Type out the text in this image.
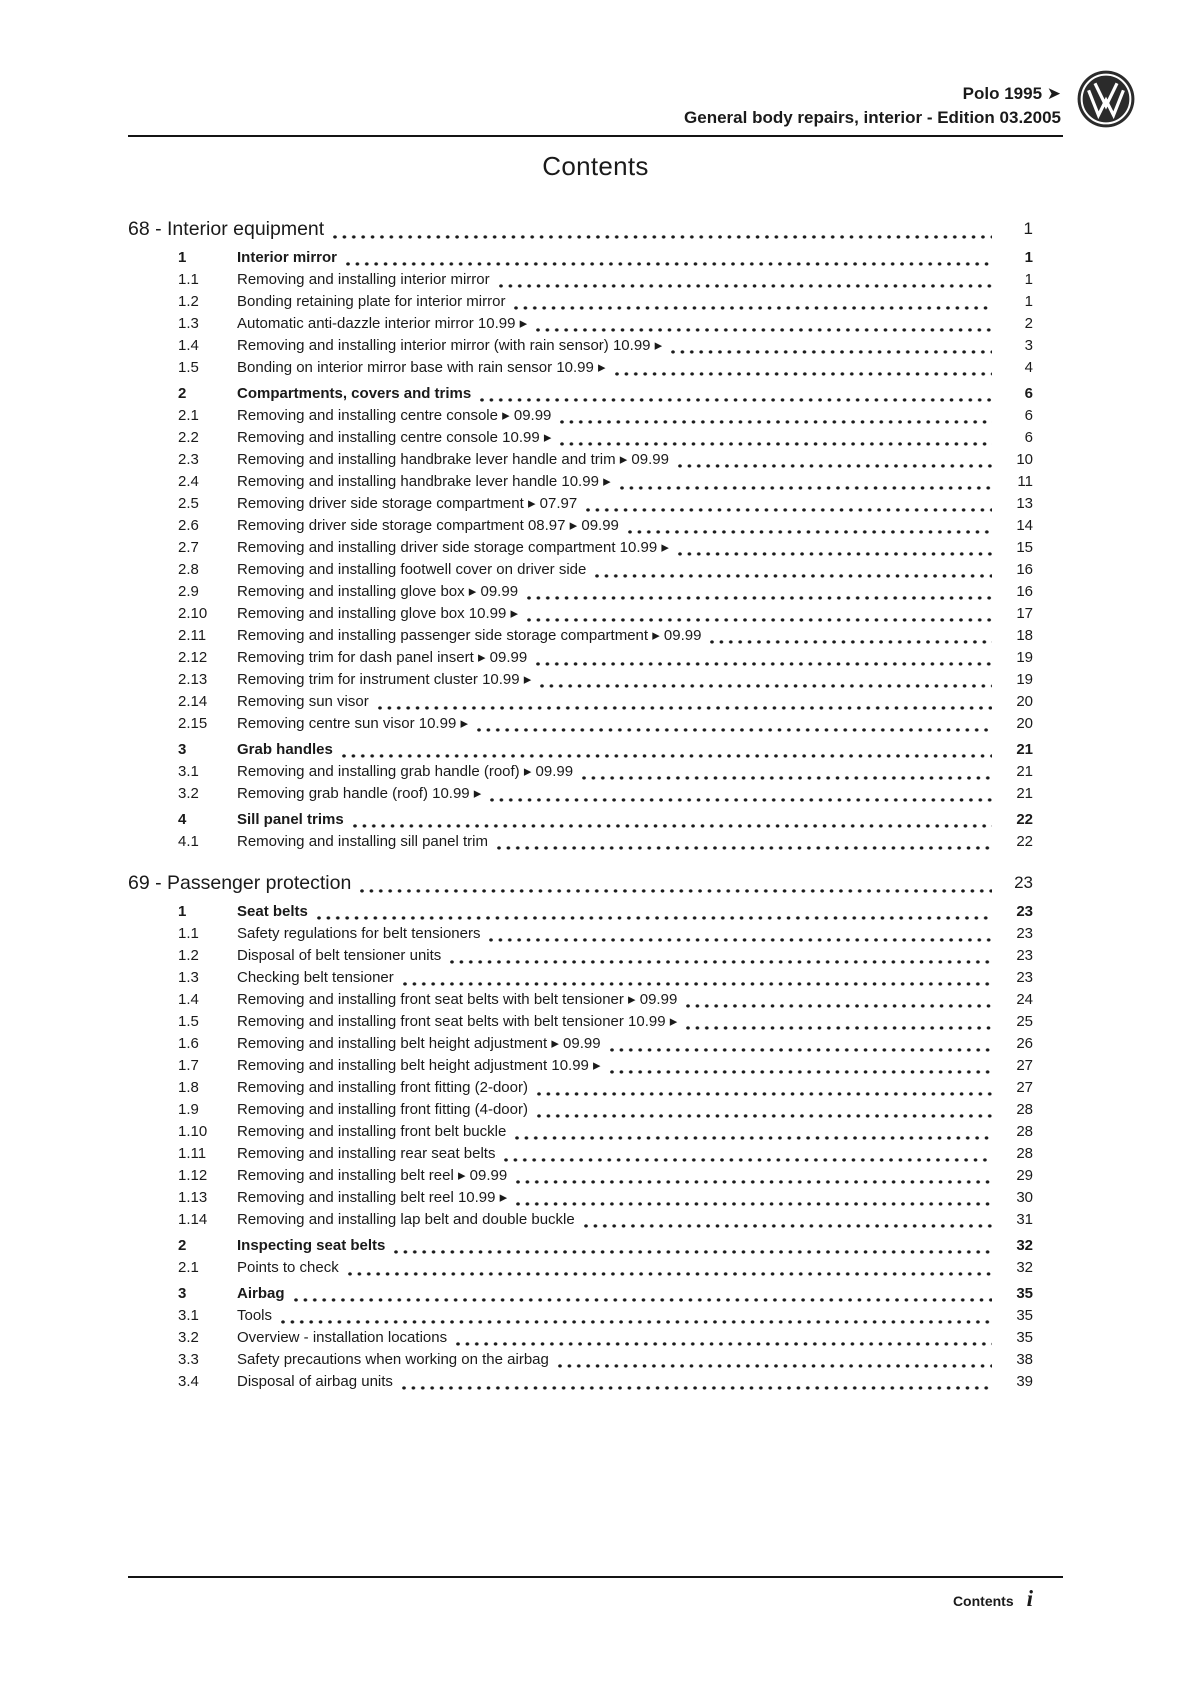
Polo 1995 ➤
General body repairs, interior - Edition 03.2005
Contents
68 - Interior equipment	1
1	Interior mirror	1
1.1	Removing and installing interior mirror	1
1.2	Bonding retaining plate for interior mirror	1
1.3	Automatic anti-dazzle interior mirror 10.99 ▸	2
1.4	Removing and installing interior mirror (with rain sensor) 10.99 ▸	3
1.5	Bonding on interior mirror base with rain sensor 10.99 ▸	4
2	Compartments, covers and trims	6
2.1	Removing and installing centre console ▸ 09.99	6
2.2	Removing and installing centre console 10.99 ▸	6
2.3	Removing and installing handbrake lever handle and trim ▸ 09.99	10
2.4	Removing and installing handbrake lever handle 10.99 ▸	11
2.5	Removing driver side storage compartment ▸ 07.97	13
2.6	Removing driver side storage compartment 08.97 ▸ 09.99	14
2.7	Removing and installing driver side storage compartment 10.99 ▸	15
2.8	Removing and installing footwell cover on driver side	16
2.9	Removing and installing glove box ▸ 09.99	16
2.10	Removing and installing glove box 10.99 ▸	17
2.11	Removing and installing passenger side storage compartment ▸ 09.99	18
2.12	Removing trim for dash panel insert ▸ 09.99	19
2.13	Removing trim for instrument cluster 10.99 ▸	19
2.14	Removing sun visor	20
2.15	Removing centre sun visor 10.99 ▸	20
3	Grab handles	21
3.1	Removing and installing grab handle (roof) ▸ 09.99	21
3.2	Removing grab handle (roof) 10.99 ▸	21
4	Sill panel trims	22
4.1	Removing and installing sill panel trim	22
69 - Passenger protection	23
1	Seat belts	23
1.1	Safety regulations for belt tensioners	23
1.2	Disposal of belt tensioner units	23
1.3	Checking belt tensioner	23
1.4	Removing and installing front seat belts with belt tensioner ▸ 09.99	24
1.5	Removing and installing front seat belts with belt tensioner 10.99 ▸	25
1.6	Removing and installing belt height adjustment ▸ 09.99	26
1.7	Removing and installing belt height adjustment 10.99 ▸	27
1.8	Removing and installing front fitting (2-door)	27
1.9	Removing and installing front fitting (4-door)	28
1.10	Removing and installing front belt buckle	28
1.11	Removing and installing rear seat belts	28
1.12	Removing and installing belt reel ▸ 09.99	29
1.13	Removing and installing belt reel 10.99 ▸	30
1.14	Removing and installing lap belt and double buckle	31
2	Inspecting seat belts	32
2.1	Points to check	32
3	Airbag	35
3.1	Tools	35
3.2	Overview - installation locations	35
3.3	Safety precautions when working on the airbag	38
3.4	Disposal of airbag units	39
Contents i
